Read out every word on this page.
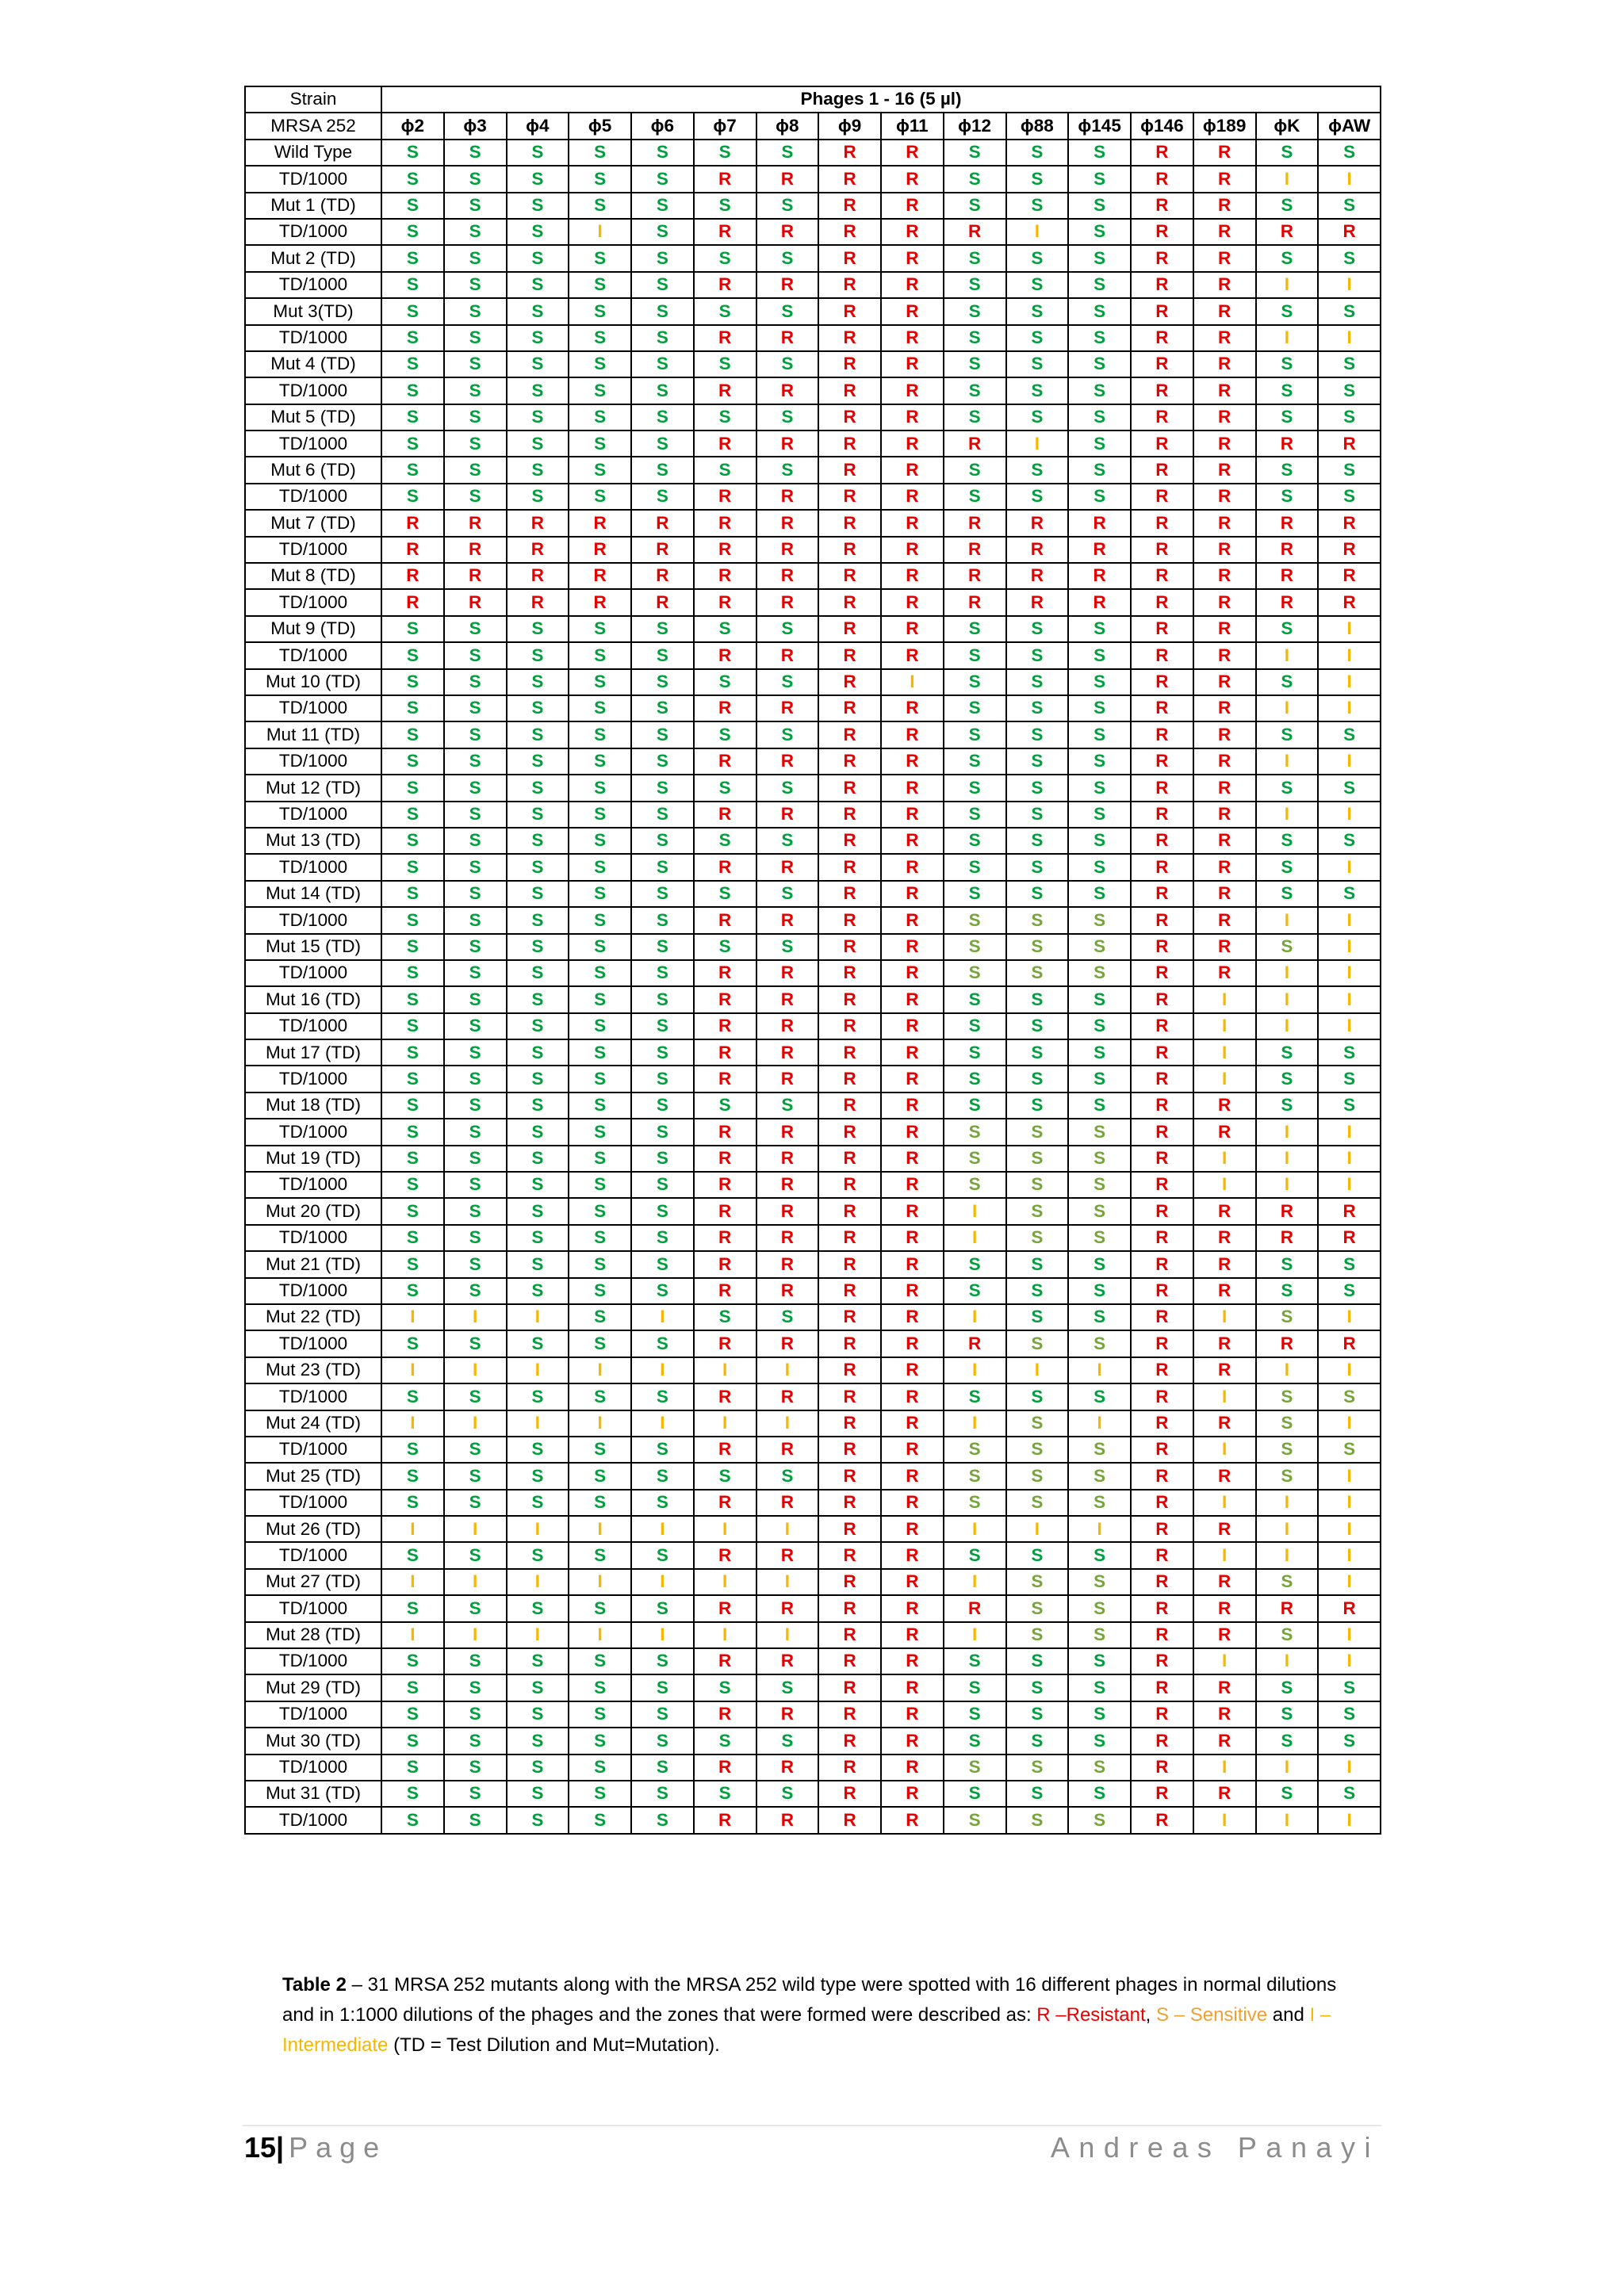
Strain	Phages 1 - 16 (5 µl)															
MRSA 252	ϕ2	ϕ3	ϕ4	ϕ5	ϕ6	ϕ7	ϕ8	ϕ9	ϕ11	ϕ12	ϕ88	ϕ145	ϕ146	ϕ189	ϕK	ϕAW
Wild Type	S	S	S	S	S	S	S	R	R	S	S	S	R	R	S	S
TD/1000	S	S	S	S	S	R	R	R	R	S	S	S	R	R	I	I
Mut 1 (TD)	S	S	S	S	S	S	S	R	R	S	S	S	R	R	S	S
TD/1000	S	S	S	I	S	R	R	R	R	R	I	S	R	R	R	R
Mut 2 (TD)	S	S	S	S	S	S	S	R	R	S	S	S	R	R	S	S
TD/1000	S	S	S	S	S	R	R	R	R	S	S	S	R	R	I	I
Mut 3(TD)	S	S	S	S	S	S	S	R	R	S	S	S	R	R	S	S
TD/1000	S	S	S	S	S	R	R	R	R	S	S	S	R	R	I	I
Mut 4 (TD)	S	S	S	S	S	S	S	R	R	S	S	S	R	R	S	S
TD/1000	S	S	S	S	S	R	R	R	R	S	S	S	R	R	S	S
Mut 5 (TD)	S	S	S	S	S	S	S	R	R	S	S	S	R	R	S	S
TD/1000	S	S	S	S	S	R	R	R	R	R	I	S	R	R	R	R
Mut 6 (TD)	S	S	S	S	S	S	S	R	R	S	S	S	R	R	S	S
TD/1000	S	S	S	S	S	R	R	R	R	S	S	S	R	R	S	S
Mut 7 (TD)	R	R	R	R	R	R	R	R	R	R	R	R	R	R	R	R
TD/1000	R	R	R	R	R	R	R	R	R	R	R	R	R	R	R	R
Mut 8 (TD)	R	R	R	R	R	R	R	R	R	R	R	R	R	R	R	R
TD/1000	R	R	R	R	R	R	R	R	R	R	R	R	R	R	R	R
Mut 9 (TD)	S	S	S	S	S	S	S	R	R	S	S	S	R	R	S	I
TD/1000	S	S	S	S	S	R	R	R	R	S	S	S	R	R	I	I
Mut 10 (TD)	S	S	S	S	S	S	S	R	I	S	S	S	R	R	S	I
TD/1000	S	S	S	S	S	R	R	R	R	S	S	S	R	R	I	I
Mut 11 (TD)	S	S	S	S	S	S	S	R	R	S	S	S	R	R	S	S
TD/1000	S	S	S	S	S	R	R	R	R	S	S	S	R	R	I	I
Mut 12 (TD)	S	S	S	S	S	S	S	R	R	S	S	S	R	R	S	S
TD/1000	S	S	S	S	S	R	R	R	R	S	S	S	R	R	I	I
Mut 13 (TD)	S	S	S	S	S	S	S	R	R	S	S	S	R	R	S	S
TD/1000	S	S	S	S	S	R	R	R	R	S	S	S	R	R	S	I
Mut 14 (TD)	S	S	S	S	S	S	S	R	R	S	S	S	R	R	S	S
TD/1000	S	S	S	S	S	R	R	R	R	S	S	S	R	R	I	I
Mut 15 (TD)	S	S	S	S	S	S	S	R	R	S	S	S	R	R	S	I
TD/1000	S	S	S	S	S	R	R	R	R	S	S	S	R	R	I	I
Mut 16 (TD)	S	S	S	S	S	R	R	R	R	S	S	S	R	I	I	I
TD/1000	S	S	S	S	S	R	R	R	R	S	S	S	R	I	I	I
Mut 17 (TD)	S	S	S	S	S	R	R	R	R	S	S	S	R	I	S	S
TD/1000	S	S	S	S	S	R	R	R	R	S	S	S	R	I	S	S
Mut 18 (TD)	S	S	S	S	S	S	S	R	R	S	S	S	R	R	S	S
TD/1000	S	S	S	S	S	R	R	R	R	S	S	S	R	R	I	I
Mut 19 (TD)	S	S	S	S	S	R	R	R	R	S	S	S	R	I	I	I
TD/1000	S	S	S	S	S	R	R	R	R	S	S	S	R	I	I	I
Mut 20 (TD)	S	S	S	S	S	R	R	R	R	I	S	S	R	R	R	R
TD/1000	S	S	S	S	S	R	R	R	R	I	S	S	R	R	R	R
Mut 21 (TD)	S	S	S	S	S	R	R	R	R	S	S	S	R	R	S	S
TD/1000	S	S	S	S	S	R	R	R	R	S	S	S	R	R	S	S
Mut 22 (TD)	I	I	I	S	I	S	S	R	R	I	S	S	R	I	S	I
TD/1000	S	S	S	S	S	R	R	R	R	R	S	S	R	R	R	R
Mut 23 (TD)	I	I	I	I	I	I	I	R	R	I	I	I	R	R	I	I
TD/1000	S	S	S	S	S	R	R	R	R	S	S	S	R	I	S	S
Mut 24 (TD)	I	I	I	I	I	I	I	R	R	I	S	I	R	R	S	I
TD/1000	S	S	S	S	S	R	R	R	R	S	S	S	R	I	S	S
Mut 25 (TD)	S	S	S	S	S	S	S	R	R	S	S	S	R	R	S	I
TD/1000	S	S	S	S	S	R	R	R	R	S	S	S	R	I	I	I
Mut 26 (TD)	I	I	I	I	I	I	I	R	R	I	I	I	R	R	I	I
TD/1000	S	S	S	S	S	R	R	R	R	S	S	S	R	I	I	I
Mut 27 (TD)	I	I	I	I	I	I	I	R	R	I	S	S	R	R	S	I
TD/1000	S	S	S	S	S	R	R	R	R	R	S	S	R	R	R	R
Mut 28 (TD)	I	I	I	I	I	I	I	R	R	I	S	S	R	R	S	I
TD/1000	S	S	S	S	S	R	R	R	R	S	S	S	R	I	I	I
Mut 29 (TD)	S	S	S	S	S	S	S	R	R	S	S	S	R	R	S	S
TD/1000	S	S	S	S	S	R	R	R	R	S	S	S	R	R	S	S
Mut 30 (TD)	S	S	S	S	S	S	S	R	R	S	S	S	R	R	S	S
TD/1000	S	S	S	S	S	R	R	R	R	S	S	S	R	I	I	I
Mut 31 (TD)	S	S	S	S	S	S	S	R	R	S	S	S	R	R	S	S
TD/1000	S	S	S	S	S	R	R	R	R	S	S	S	R	I	I	I
Table 2 – 31 MRSA 252 mutants along with the MRSA 252 wild type were spotted with 16 different phages in normal dilutions and in 1:1000 dilutions of the phages and the zones that were formed were described as: R –Resistant, S – Sensitive and I – Intermediate (TD = Test Dilution and Mut=Mutation).
15| Page	Andreas Panayi
